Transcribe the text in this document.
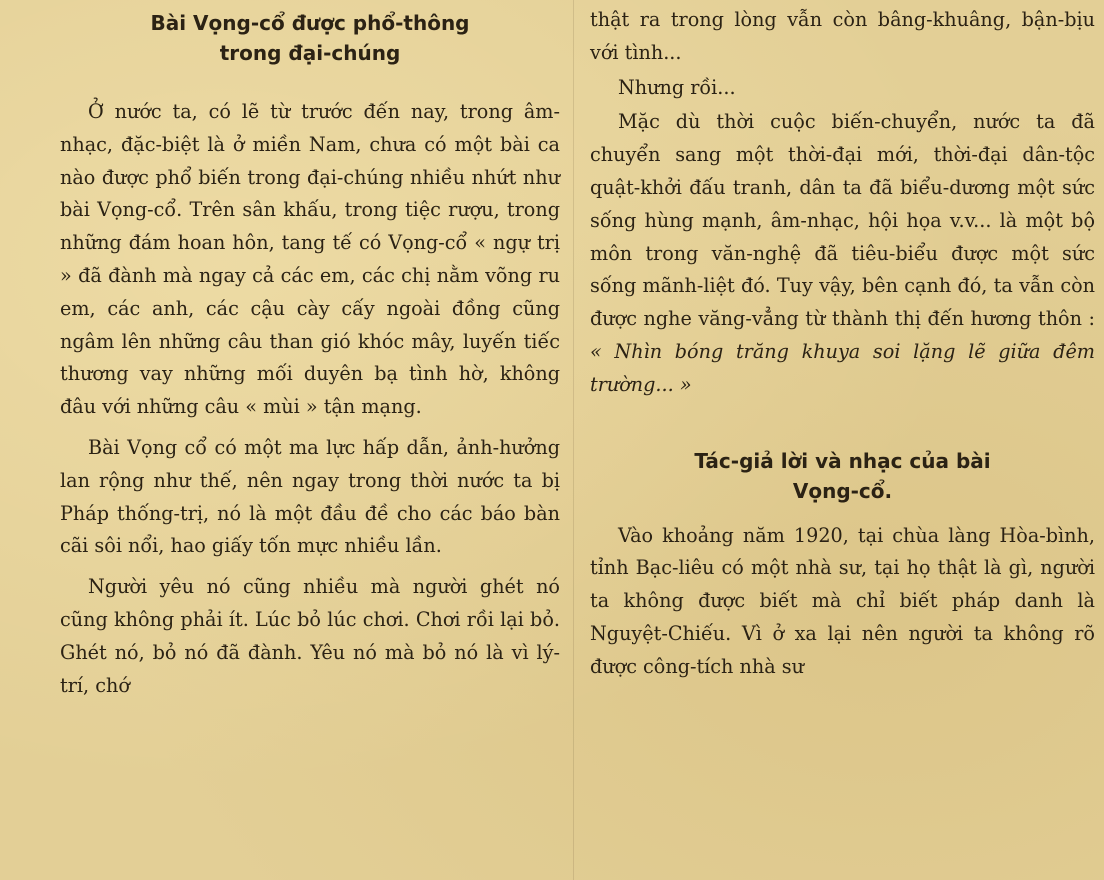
Bài Vọng-cổ được phổ-thông
trong đại-chúng

Ở nước ta, có lẽ từ trước đến nay, trong âm-nhạc, đặc-biệt là ở miền Nam, chưa có một bài ca nào được phổ biến trong đại-chúng nhiều nhứt như bài Vọng-cổ. Trên sân khấu, trong tiệc rượu, trong những đám hoan hôn, tang tế có Vọng-cổ « ngự trị » đã đành mà ngay cả các em, các chị nằm võng ru em, các anh, các cậu cày cấy ngoài đồng cũng ngâm lên những câu than gió khóc mây, luyến tiếc thương vay những mối duyên bạ tình hờ, không đâu với những câu « mùi » tận mạng.

Bài Vọng cổ có một ma lực hấp dẫn, ảnh-hưởng lan rộng như thế, nên ngay trong thời nước ta bị Pháp thống-trị, nó là một đầu đề cho các báo bàn cãi sôi nổi, hao giấy tốn mực nhiều lần.

Người yêu nó cũng nhiều mà người ghét nó cũng không phải ít. Lúc bỏ lúc chơi. Chơi rồi lại bỏ. Ghét nó, bỏ nó đã đành. Yêu nó mà bỏ nó là vì lý-trí, chớ

thật ra trong lòng vẫn còn bâng-khuâng, bận-bịu với tình...

Nhưng rồi...

Mặc dù thời cuộc biến-chuyển, nước ta đã chuyển sang một thời-đại mới, thời-đại dân-tộc quật-khởi đấu tranh, dân ta đã biểu-dương một sức sống hùng mạnh, âm-nhạc, hội họa v.v... là một bộ môn trong văn-nghệ đã tiêu-biểu được một sức sống mãnh-liệt đó. Tuy vậy, bên cạnh đó, ta vẫn còn được nghe văng-vẳng từ thành thị đến hương thôn : « Nhìn bóng trăng khuya soi lặng lẽ giữa đêm trường... »

Tác-giả lời và nhạc của bài
Vọng-cổ.

Vào khoảng năm 1920, tại chùa làng Hòa-bình, tỉnh Bạc-liêu có một nhà sư, tại họ thật là gì, người ta không được biết mà chỉ biết pháp danh là Nguyệt-Chiếu. Vì ở xa lại nên người ta không rõ được công-tích nhà sư
